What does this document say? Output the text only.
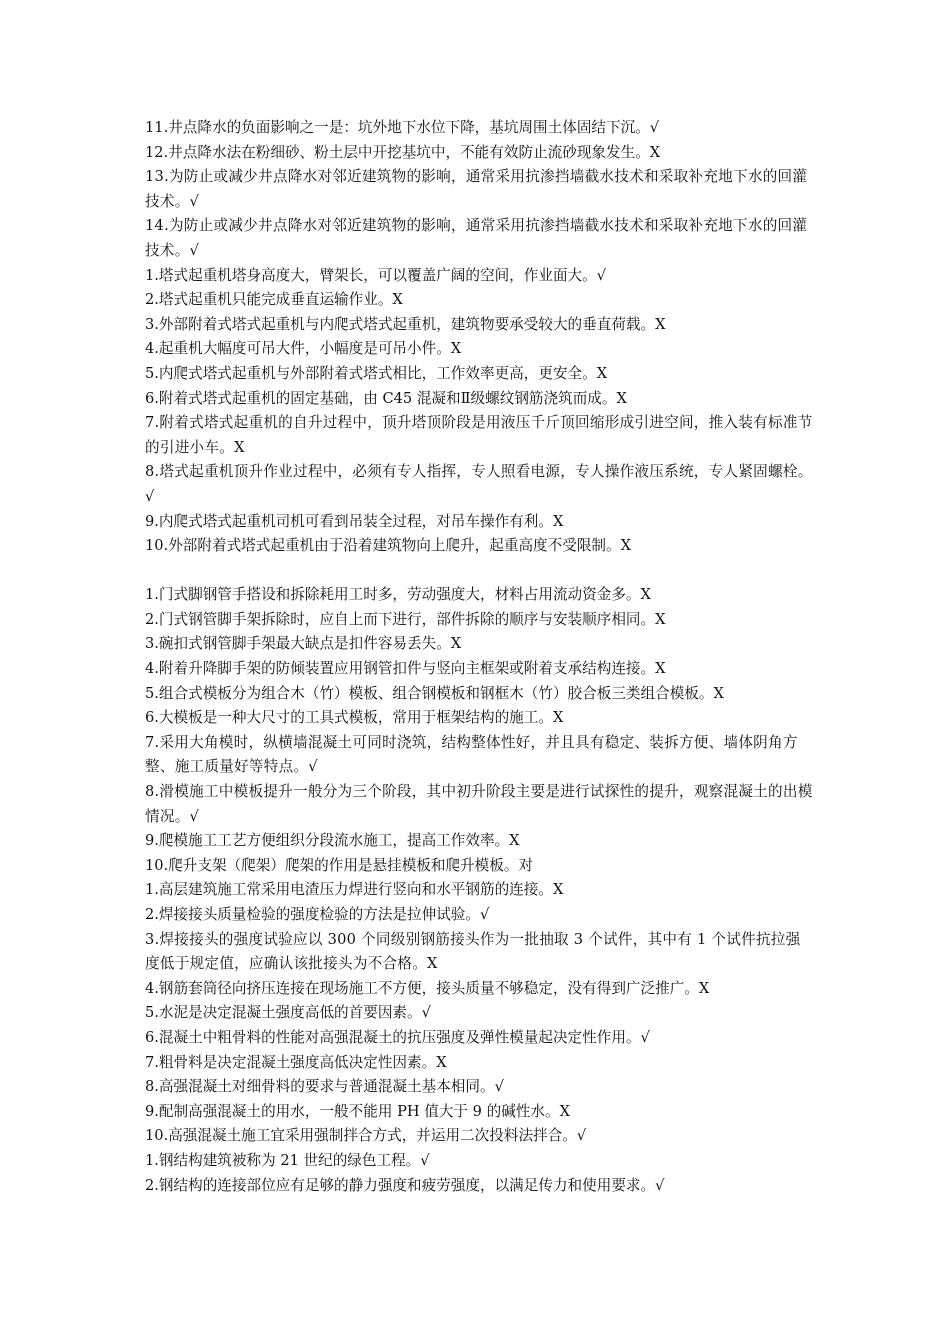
11.井点降水的负面影响之一是：坑外地下水位下降，基坑周围土体固结下沉。√
12.井点降水法在粉细砂、粉土层中开挖基坑中，不能有效防止流砂现象发生。X
13.为防止或减少井点降水对邻近建筑物的影响，通常采用抗渗挡墙截水技术和采取补充地下水的回灌技术。√
14.为防止或减少井点降水对邻近建筑物的影响，通常采用抗渗挡墙截水技术和采取补充地下水的回灌技术。√
1.塔式起重机塔身高度大，臂架长，可以覆盖广阔的空间，作业面大。√
2.塔式起重机只能完成垂直运输作业。X
3.外部附着式塔式起重机与内爬式塔式起重机，建筑物要承受较大的垂直荷载。X
4.起重机大幅度可吊大件，小幅度是可吊小件。X
5.内爬式塔式起重机与外部附着式塔式相比，工作效率更高，更安全。X
6.附着式塔式起重机的固定基础，由 C45 混凝和Ⅱ级螺纹钢筋浇筑而成。X
7.附着式塔式起重机的自升过程中，顶升塔顶阶段是用液压千斤顶回缩形成引进空间，推入装有标准节的引进小车。X
8.塔式起重机顶升作业过程中，必须有专人指挥，专人照看电源，专人操作液压系统，专人紧固螺栓。√
9.内爬式塔式起重机司机可看到吊装全过程，对吊车操作有利。X
10.外部附着式塔式起重机由于沿着建筑物向上爬升，起重高度不受限制。X
1.门式脚钢管手搭设和拆除耗用工时多，劳动强度大，材料占用流动资金多。X
2.门式钢管脚手架拆除时，应自上而下进行，部件拆除的顺序与安装顺序相同。X
3.碗扣式钢管脚手架最大缺点是扣件容易丢失。X
4.附着升降脚手架的防倾装置应用钢管扣件与竖向主框架或附着支承结构连接。X
5.组合式模板分为组合木（竹）模板、组合钢模板和钢框木（竹）胶合板三类组合模板。X
6.大模板是一种大尺寸的工具式模板，常用于框架结构的施工。X
7.采用大角模时，纵横墙混凝土可同时浇筑，结构整体性好，并且具有稳定、装拆方便、墙体阴角方整、施工质量好等特点。√
8.滑模施工中模板提升一般分为三个阶段，其中初升阶段主要是进行试探性的提升，观察混凝土的出模情况。√
9.爬模施工工艺方便组织分段流水施工，提高工作效率。X
10.爬升支架（爬架）爬架的作用是悬挂模板和爬升模板。对
1.高层建筑施工常采用电渣压力焊进行竖向和水平钢筋的连接。X
2.焊接接头质量检验的强度检验的方法是拉伸试验。√
3.焊接接头的强度试验应以 300 个同级别钢筋接头作为一批抽取 3 个试件，其中有 1 个试件抗拉强度低于规定值，应确认该批接头为不合格。X
4.钢筋套筒径向挤压连接在现场施工不方便，接头质量不够稳定，没有得到广泛推广。X
5.水泥是决定混凝土强度高低的首要因素。√
6.混凝土中粗骨料的性能对高强混凝土的抗压强度及弹性模量起决定性作用。√
7.粗骨料是决定混凝土强度高低决定性因素。X
8.高强混凝土对细骨料的要求与普通混凝土基本相同。√
9.配制高强混凝土的用水，一般不能用 PH 值大于 9 的碱性水。X
10.高强混凝土施工宜采用强制拌合方式，并运用二次投料法拌合。√
1.钢结构建筑被称为 21 世纪的绿色工程。√
2.钢结构的连接部位应有足够的静力强度和疲劳强度，以满足传力和使用要求。√
